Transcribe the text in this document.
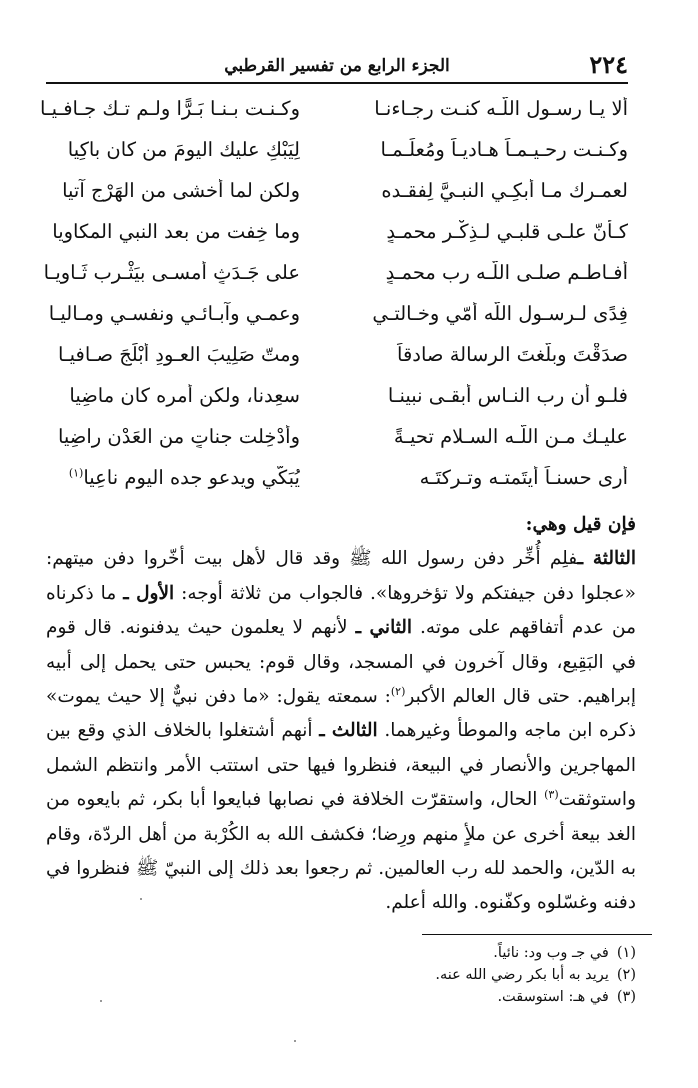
٢٢٤
الجزء الرابع من تفسير القرطبي
ألا يـا رسـول اللّـه كنـت رجـاءنـا
وكـنـت بـنـا بَـرًّا ولـم تـك جـافـيـا
وكـنـت رحـيـمـاً هـاديـاً ومُعلِّـمـا
لِيَبْكِ عليك اليومَ من كان باكِيا
لعمـرك مـا أبكِـي النبـيَّ لِفقـده
ولكن لما أخشى من الهَرْج آتيا
كـأنّ علـى قلبـي لـذِكْـرِ محمـدٍ
وما خِفت من بعد النبي المكاويا
أفـاطـم صلـى اللّـه رب محمـدٍ
على جَـدَثٍ أمسـى بيَثْـرب ثَـاويـا
فِدًى لـرسـول اللّه أُمّي وخـالتـي
وعمـي وآبـائـي ونفسـي ومـاليـا
صدَقْتَ وبلّغتَ الرسالة صادقاً
ومتّ صَلِيبَ العـودِ أبْلَجَ صـافيـا
فلـو أن رب النـاس أبقـى نبينـا
سعِدنا، ولكن أمره كان ماضِيا
عليـك مـن اللّـه السـلام تحيـةً
وأُدْخِلت جناتٍ من العَدْن راضِيا
أرى حسنـاً أيتَمتـه وتـركتَـه
يُبَكّي ويدعو جده اليوم ناعِيا$^{(١)}$

فإن قيل وهي:

الثالثة ـفلِم أُخِّر دفن رسول الله ﷺ وقد قال لأهل بيت أخّروا دفن ميتهم: «عجلوا دفن جيفتكم ولا تؤخروها». فالجواب من ثلاثة أوجه: الأول ـ ما ذكرناه من عدم أتفاقهم على موته. الثاني ـ لأنهم لا يعلمون حيث يدفنونه. قال قوم في البَقِيع، وقال آخرون في المسجد، وقال قوم: يحبس حتى يحمل إلى أبيه إبراهيم. حتى قال العالم الأكبر$^{(٢)}$: سمعته يقول: «ما دفن نبيٌّ إلا حيث يموت» ذكره ابن ماجه والموطأ وغيرهما. الثالث ـ أنهم أشتغلوا بالخلاف الذي وقع بين المهاجرين والأنصار في البيعة، فنظروا فيها حتى استتب الأمر وانتظم الشمل واستوثقت$^{(٣)}$ الحال، واستقرّت الخلافة في نصابها فبايعوا أبا بكر، ثم بايعوه من الغد بيعة أخرى عن ملأٍ منهم ورِضا؛ فكشف الله به الكُرْبة من أهل الردّة، وقام به الدّين، والحمد لله رب العالمين. ثم رجعوا بعد ذلك إلى النبيّ ﷺ فنظروا في دفنه وغسّلوه وكفّنوه. والله أعلم.

(١)في جـ وب ود: نائياً.
(٢)يريد به أبا بكر رضي الله عنه.
(٣)في هـ: استوسقت.
